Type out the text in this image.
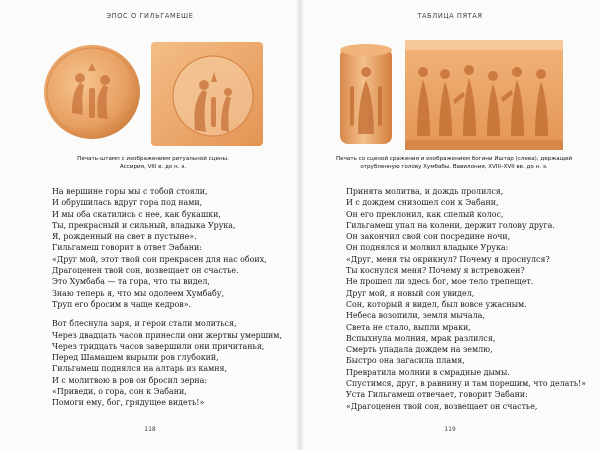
ЭПОС О ГИЛЬГАМЕШЕ
Печать-штамп с изображением ритуальной сцены.
Ассирия, VIII в. до н. э.
На вершине горы мы с тобой стояли,
И обрушилась вдруг гора под нами,
И мы оба скатились с нее, как букашки,
Ты, прекрасный и сильный, владыка Урука,
Я, рожденный на свет в пустыне».
Гильгамеш говорит в ответ Эабани:
«Друг мой, этот твой сон прекрасен для нас обоих,
Драгоценен твой сон, возвещает он счастье.
Это Хумбаба — та гора, что ты видел,
Знаю теперь я, что мы одолеем Хумбабу,
Труп его бросим в чаще кедров».
Вот блеснула заря, и герои стали молиться,
Через двадцать часов принесли они жертвы умершим,
Через тридцать часов завершили они причитанья,
Перед Шамашем вырыли ров глубокий,
Гильгамеш поднялся на алтарь из камня,
И с молитвою в ров он бросил зерна:
«Приведи, о гора, сон к Эабани,
Помоги ему, бог, грядущее видеть!»
118
ТАБЛИЦА ПЯТАЯ
Печать со сценой сражения и изображением богини Иштар (слева), держащей
отрубленную голову Хумбабы. Вавилония, XVIII–XVII вв. до н. э.
Принята молитва, и дождь пролился,
И с дождем снизошел сон к Эабани,
Он его преклонил, как спелый колос,
Гильгамеш упал на колени, держит голову друга.
Он закончил свой сон посредине ночи,
Он поднялся и молвил владыке Урука:
«Друг, меня ты окрикнул? Почему я проснулся?
Ты коснулся меня? Почему я встревожен?
Не прошел ли здесь бог, мое тело трепещет.
Друг мой, я новый сон увидел,
Сон, который я видел, был вовсе ужасным.
Небеса возопили, земля мычала,
Света не стало, выпли мраки,
Вспыхнула молния, мрак разлился,
Смерть упадала дождем на землю,
Быстро она загасила пламя,
Превратила молнии в смрадные дымы.
Спустимся, друг, в равнину и там порешим, что делать!»
Уста Гильгамеш отвечает, говорит Эабани:
«Драгоценен твой сон, возвещает он счастье,
119
